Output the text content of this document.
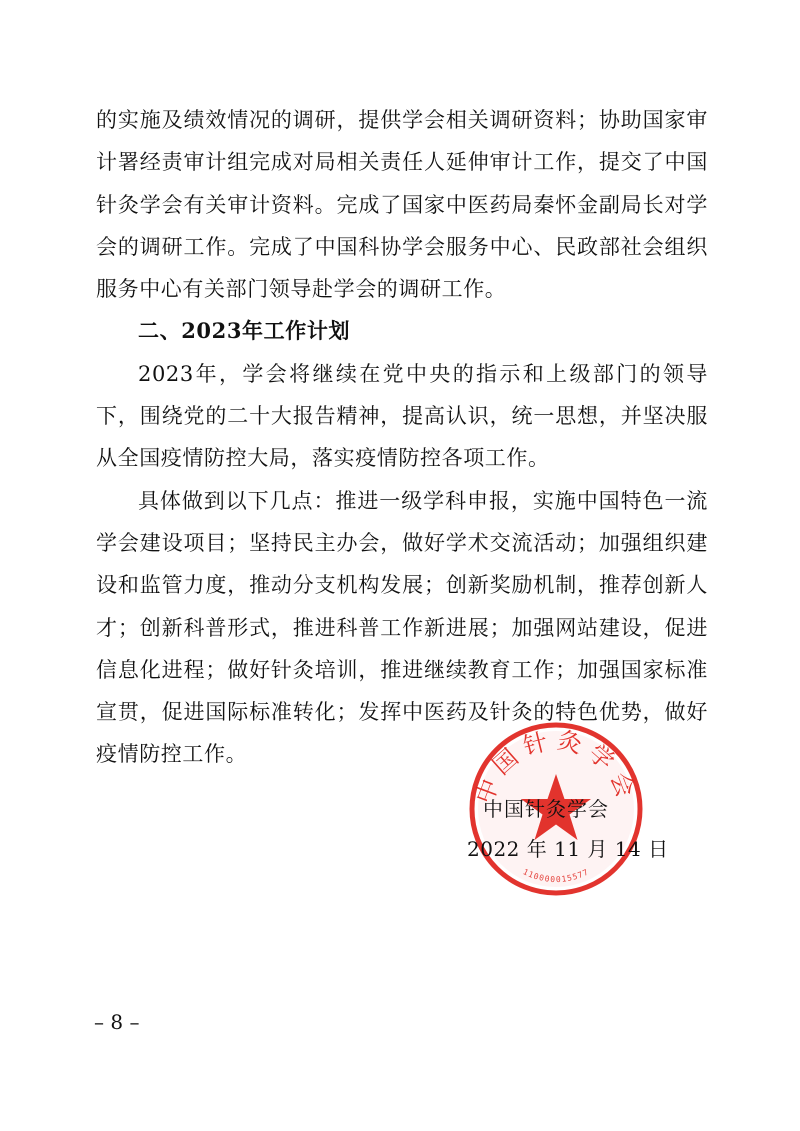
的实施及绩效情况的调研，提供学会相关调研资料；协助国家审计署经责审计组完成对局相关责任人延伸审计工作，提交了中国针灸学会有关审计资料。完成了国家中医药局秦怀金副局长对学会的调研工作。完成了中国科协学会服务中心、民政部社会组织服务中心有关部门领导赴学会的调研工作。

二、2023年工作计划

2023年，学会将继续在党中央的指示和上级部门的领导下，围绕党的二十大报告精神，提高认识，统一思想，并坚决服从全国疫情防控大局，落实疫情防控各项工作。

具体做到以下几点：推进一级学科申报，实施中国特色一流学会建设项目；坚持民主办会，做好学术交流活动；加强组织建设和监管力度，推动分支机构发展；创新奖励机制，推荐创新人才；创新科普形式，推进科普工作新进展；加强网站建设，促进信息化进程；做好针灸培训，推进继续教育工作；加强国家标准宣贯，促进国际标准转化；发挥中医药及针灸的特色优势，做好疫情防控工作。

中国针灸学会
110000015577
中国针灸学会
2022 年 11 月 14 日
– 8 –
